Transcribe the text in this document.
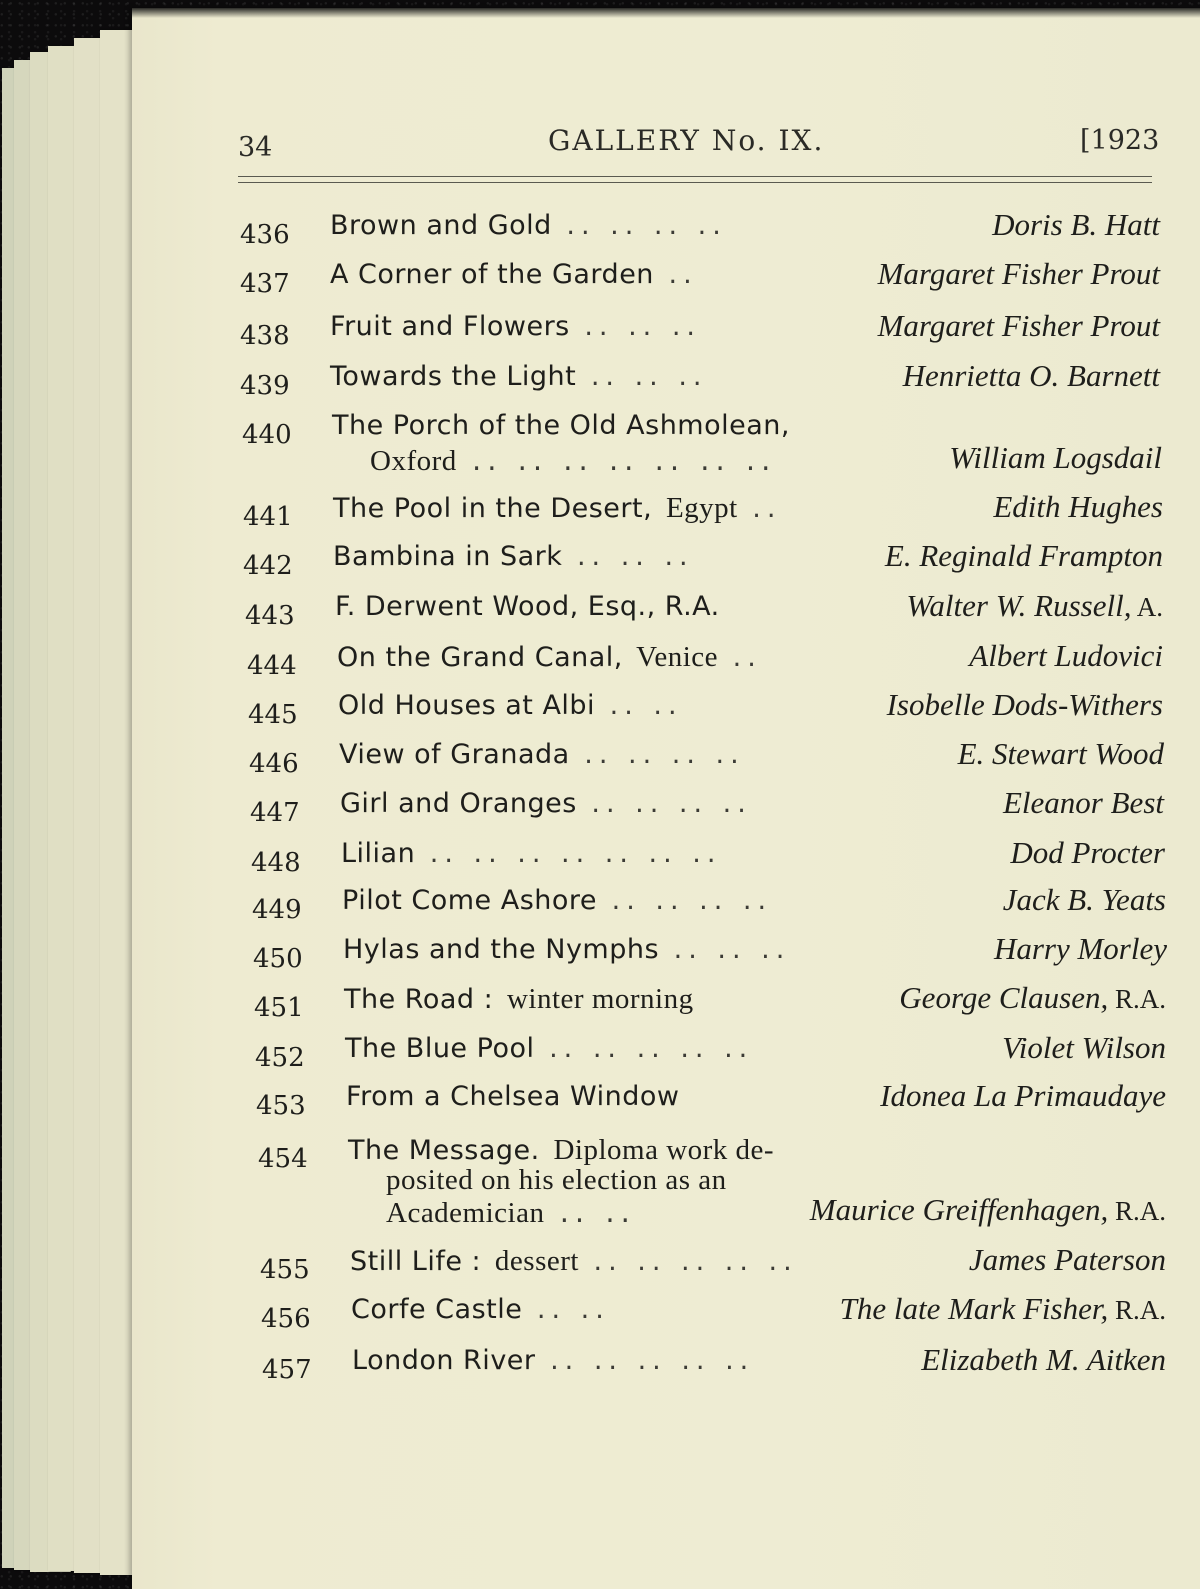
34	GALLERY No. IX.	[1923
436 Brown and Gold .. .. .. ..	Doris B. Hatt
437 A Corner of the Garden ..	Margaret Fisher Prout
438 Fruit and Flowers .. .. ..	Margaret Fisher Prout
439 Towards the Light .. .. ..	Henrietta O. Barnett
440 The Porch of the Old Ashmolean,
Oxford .. .. .. .. .. .. ..	William Logsdail
441 The Pool in the Desert, Egypt ..	Edith Hughes
442 Bambina in Sark .. .. ..	E. Reginald Frampton
443 F. Derwent Wood, Esq., R.A.	Walter W. Russell, A.
444 On the Grand Canal, Venice ..	Albert Ludovici
445 Old Houses at Albi .. ..	Isobelle Dods-Withers
446 View of Granada .. .. .. ..	E. Stewart Wood
447 Girl and Oranges .. .. .. ..	Eleanor Best
448 Lilian .. .. .. .. .. .. ..	Dod Procter
449 Pilot Come Ashore .. .. .. ..	Jack B. Yeats
450 Hylas and the Nymphs .. .. ..	Harry Morley
451 The Road : winter morning	George Clausen, R.A.
452 The Blue Pool .. .. .. .. ..	Violet Wilson
453 From a Chelsea Window	Idonea La Primaudaye
454 The Message. Diploma work de-
posited on his election as an
Academician .. ..	Maurice Greiffenhagen, R.A.
455 Still Life : dessert .. .. .. .. ..	James Paterson
456 Corfe Castle .. ..	The late Mark Fisher, R.A.
457 London River .. .. .. .. ..	Elizabeth M. Aitken
